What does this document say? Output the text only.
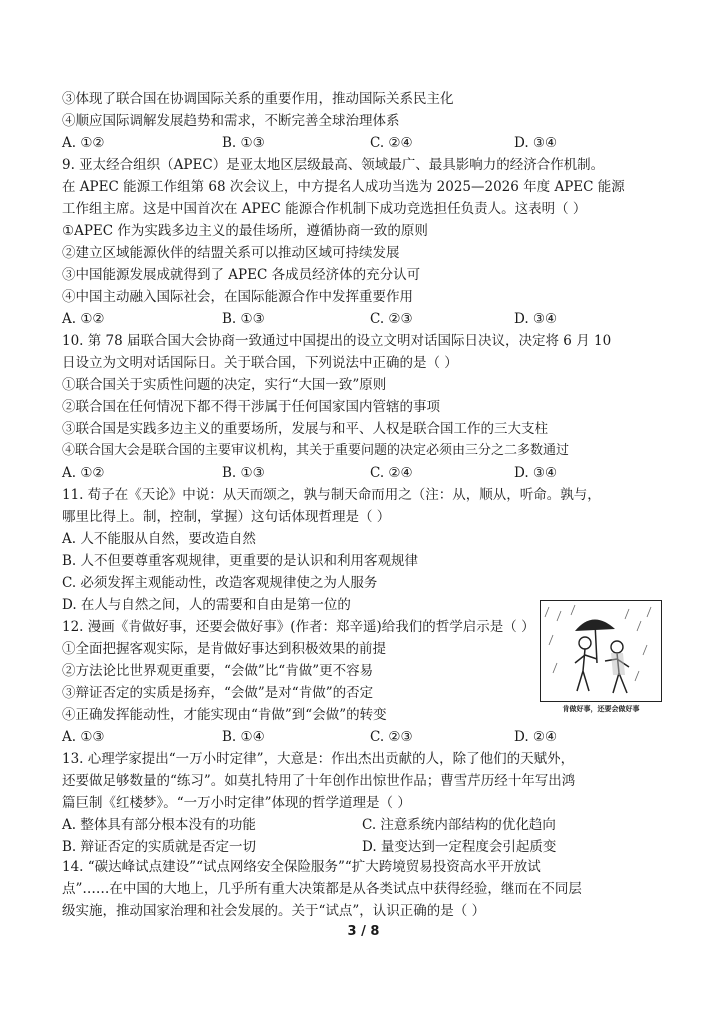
③体现了联合国在协调国际关系的重要作用，推动国际关系民主化
④顺应国际调解发展趋势和需求，不断完善全球治理体系
A. ①②	B. ①③	C. ②④	D. ③④
9. 亚太经合组织（APEC）是亚太地区层级最高、领域最广、最具影响力的经济合作机制。
在 APEC 能源工作组第 68 次会议上，中方提名人成功当选为 2025—2026 年度 APEC 能源
工作组主席。这是中国首次在 APEC 能源合作机制下成功竞选担任负责人。这表明（ ）
①APEC 作为实践多边主义的最佳场所，遵循协商一致的原则
②建立区域能源伙伴的结盟关系可以推动区域可持续发展
③中国能源发展成就得到了 APEC 各成员经济体的充分认可
④中国主动融入国际社会，在国际能源合作中发挥重要作用
A. ①②	B. ①③	C. ②③	D. ③④
10. 第 78 届联合国大会协商一致通过中国提出的设立文明对话国际日决议，决定将 6 月 10
日设立为文明对话国际日。关于联合国，下列说法中正确的是（ ）
①联合国关于实质性问题的决定，实行“大国一致”原则
②联合国在任何情况下都不得干涉属于任何国家国内管辖的事项
③联合国是实践多边主义的重要场所，发展与和平、人权是联合国工作的三大支柱
④联合国大会是联合国的主要审议机构，其关于重要问题的决定必须由三分之二多数通过
A. ①②	B. ①③	C. ②④	D. ③④
11. 荀子在《天论》中说：从天而颂之，孰与制天命而用之（注：从，顺从，听命。孰与，
哪里比得上。制，控制，掌握）这句话体现哲理是（ ）
A. 人不能服从自然，要改造自然
B. 人不但要尊重客观规律，更重要的是认识和利用客观规律
C. 必须发挥主观能动性，改造客观规律使之为人服务
D. 在人与自然之间，人的需要和自由是第一位的
12. 漫画《肯做好事，还要会做好事》(作者：郑辛遥)给我们的哲学启示是（ ）
①全面把握客观实际，是肯做好事达到积极效果的前提
②方法论比世界观更重要，“会做”比“肯做”更不容易
③辩证否定的实质是扬弃，“会做”是对“肯做”的否定
④正确发挥能动性，才能实现由“肯做”到“会做”的转变
A. ①③	B. ①④	C. ②③	D. ②④
肯做好事，还要会做好事
13. 心理学家提出“一万小时定律”，大意是：作出杰出贡献的人，除了他们的天赋外，
还要做足够数量的“练习”。如莫扎特用了十年创作出惊世作品；曹雪芹历经十年写出鸿
篇巨制《红楼梦》。“一万小时定律”体现的哲学道理是（ ）
A. 整体具有部分根本没有的功能	C. 注意系统内部结构的优化趋向
B. 辩证否定的实质就是否定一切	D. 量变达到一定程度会引起质变
14. “碳达峰试点建设”“试点网络安全保险服务”“扩大跨境贸易投资高水平开放试
3 / 8
点”……在中国的大地上，几乎所有重大决策都是从各类试点中获得经验，继而在不同层
级实施，推动国家治理和社会发展的。关于“试点”，认识正确的是（ ）
